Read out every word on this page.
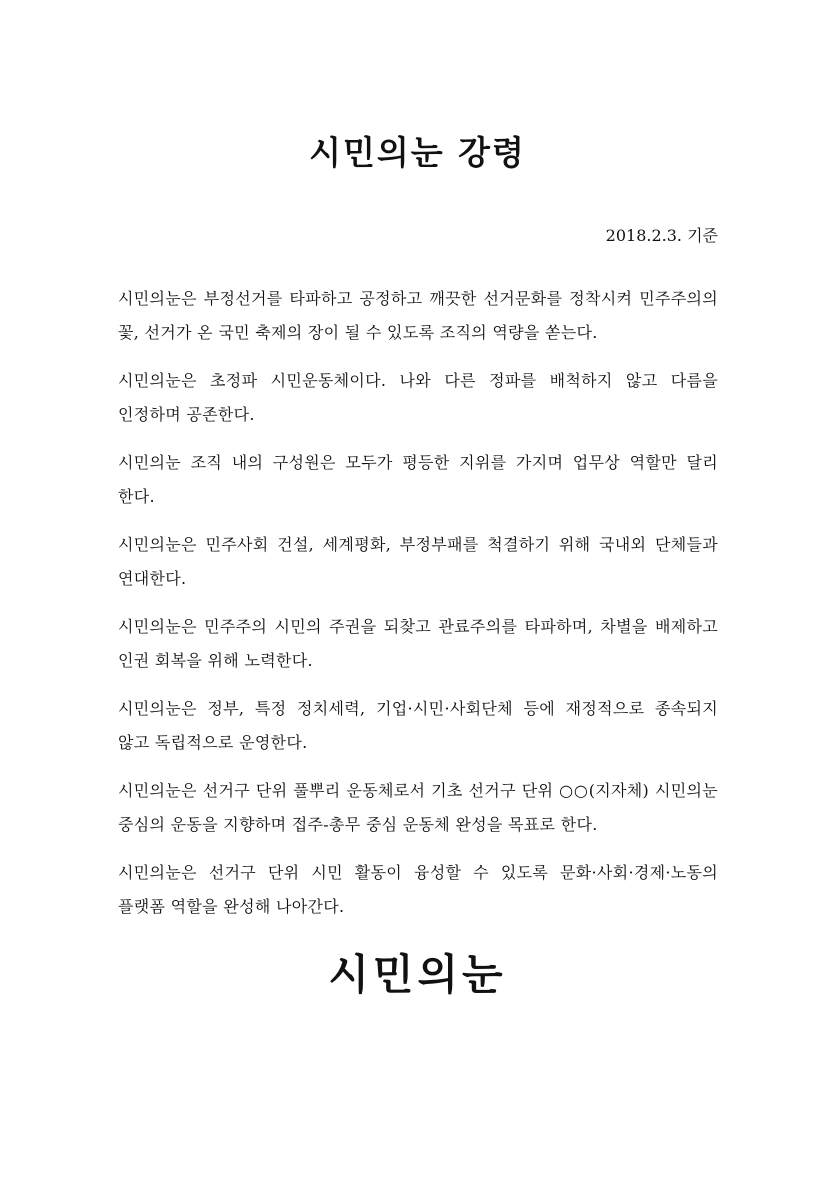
시민의눈 강령
2018.2.3. 기준
시민의눈은 부정선거를 타파하고 공정하고 깨끗한 선거문화를 정착시켜 민주주의의 꽃, 선거가 온 국민 축제의 장이 될 수 있도록 조직의 역량을 쏟는다.
시민의눈은 초정파 시민운동체이다. 나와 다른 정파를 배척하지 않고 다름을 인정하며 공존한다.
시민의눈 조직 내의 구성원은 모두가 평등한 지위를 가지며 업무상 역할만 달리 한다.
시민의눈은 민주사회 건설, 세계평화, 부정부패를 척결하기 위해 국내외 단체들과 연대한다.
시민의눈은 민주주의 시민의 주권을 되찾고 관료주의를 타파하며, 차별을 배제하고 인권 회복을 위해 노력한다.
시민의눈은 정부, 특정 정치세력, 기업·시민·사회단체 등에 재정적으로 종속되지 않고 독립적으로 운영한다.
시민의눈은 선거구 단위 풀뿌리 운동체로서 기초 선거구 단위 ○○(지자체) 시민의눈 중심의 운동을 지향하며 접주-총무 중심 운동체 완성을 목표로 한다.
시민의눈은 선거구 단위 시민 활동이 융성할 수 있도록 문화·사회·경제·노동의 플랫폼 역할을 완성해 나아간다.
시민의눈
